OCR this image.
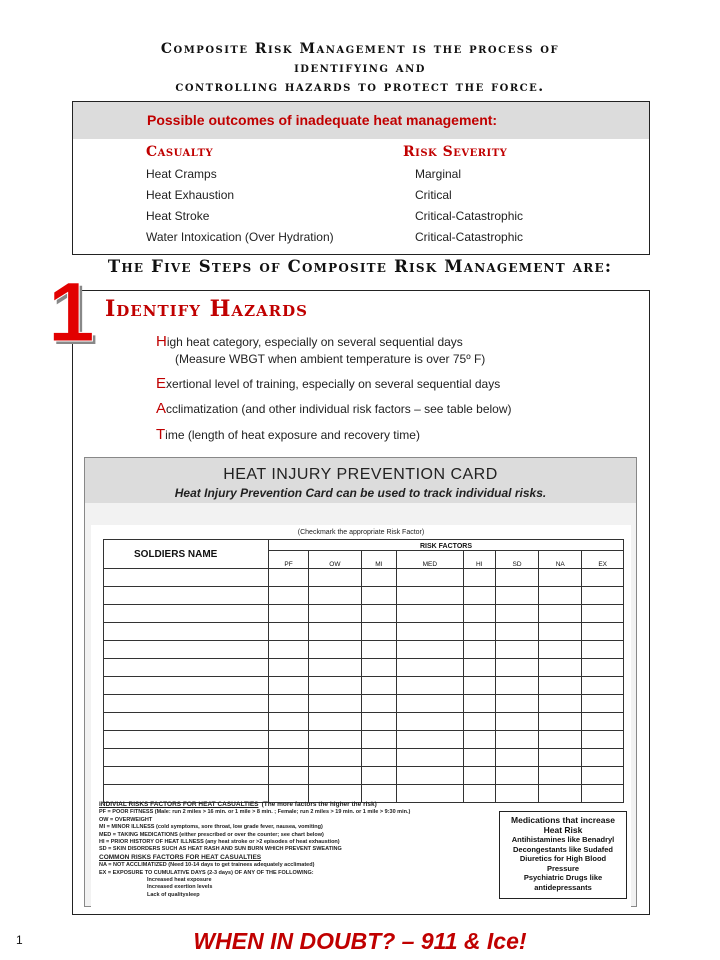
Composite Risk Management is the process of
identifying and
controlling hazards to protect the force.
Possible outcomes of inadequate heat management:
Casualty	Risk Severity
Heat Cramps	Marginal
Heat Exhaustion	Critical
Heat Stroke	Critical-Catastrophic
Water Intoxication (Over Hydration)	Critical-Catastrophic
The Five Steps of Composite Risk Management are:
1 Identify Hazards
High heat category, especially on several sequential days
(Measure WBGT when ambient temperature is over 75º F)
Exertional level of training, especially on several sequential days
Acclimatization (and other individual risk factors – see table below)
Time (length of heat exposure and recovery time)
HEAT INJURY PREVENTION CARD
Heat Injury Prevention Card can be used to track individual risks.
(Checkmark the appropriate Risk Factor)
SOLDIERS NAME	RISK FACTORS							
	PF	OW	MI	MED	HI	SD	NA	EX

INDIVIAL RISKS FACTORS FOR HEAT CASUALTIES (The more factors the higher the risk)
PF = POOR FITNESS (Male: run 2 miles > 16 min. or 1 mile > 8 min. ; Female; run 2 miles > 19 min. or 1 mile > 9:30 min.)
OW = OVERWEIGHT
MI = MINOR ILLNESS (cold symptoms, sore throat, low grade fever, nausea, vomiting)
MED = TAKING MEDICATIONS (either prescribed or over the counter; see chart below)
HI = PRIOR HISTORY OF HEAT ILLNESS (any heat stroke or >2 episodes of heat exhaustion)
SD = SKIN DISORDERS SUCH AS HEAT RASH AND SUN BURN WHICH PREVENT SWEATING
COMMON RISKS FACTORS FOR HEAT CASUALTIES
NA = NOT ACCLIMATIZED (Need 10-14 days to get trainees adequately acclimated)
EX = EXPOSURE TO CUMULATIVE DAYS (2-3 days) OF ANY OF THE FOLLOWING:
Increased heat exposure
Increased exertion levels
Lack of qualitysleep
Medications that increase
Heat Risk
Antihistamines like Benadryl
Decongestants like Sudafed
Diuretics for High Blood
Pressure
Psychiatric Drugs like
antidepressants
1	WHEN IN DOUBT? – 911 & Ice!
